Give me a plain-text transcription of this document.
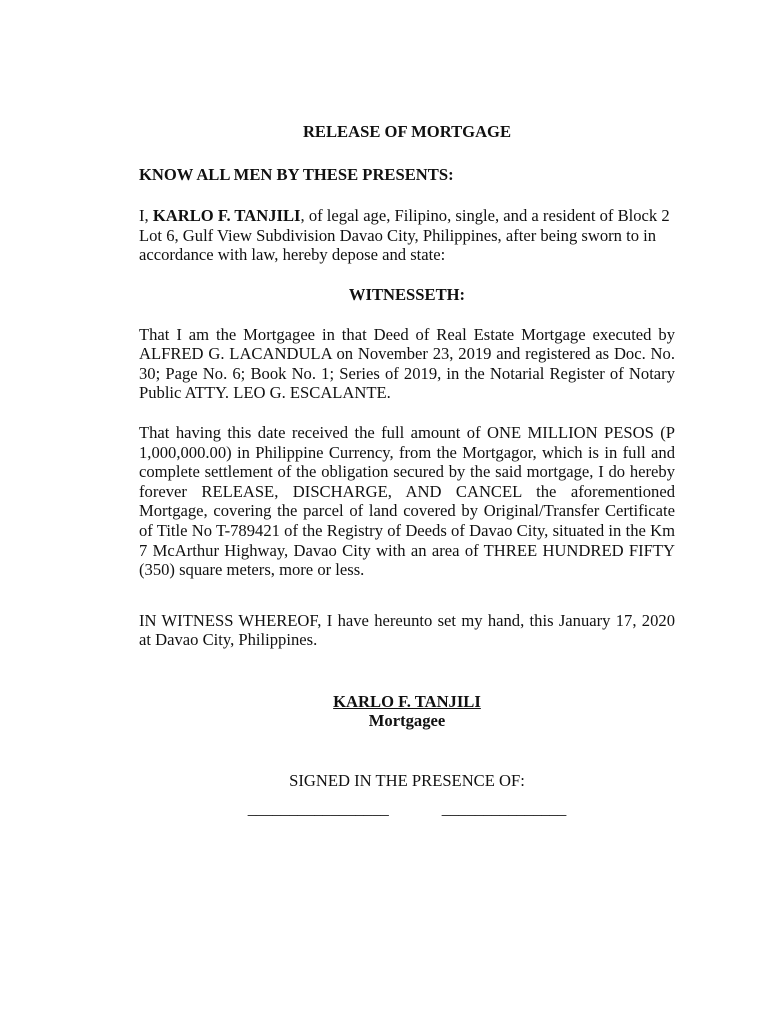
RELEASE OF MORTGAGE
KNOW ALL MEN BY THESE PRESENTS:
I, KARLO F. TANJILI, of legal age, Filipino, single, and a resident of Block 2 Lot 6, Gulf View Subdivision Davao City, Philippines, after being sworn to in accordance with law, hereby depose and state:
WITNESSETH:
That I am the Mortgagee in that Deed of Real Estate Mortgage executed by ALFRED G. LACANDULA on November 23, 2019 and registered as Doc. No. 30; Page No. 6; Book No. 1; Series of 2019, in the Notarial Register of Notary Public ATTY. LEO G. ESCALANTE.
That having this date received the full amount of ONE MILLION PESOS (P 1,000,000.00) in Philippine Currency, from the Mortgagor, which is in full and complete settlement of the obligation secured by the said mortgage, I do hereby forever RELEASE, DISCHARGE, AND CANCEL the aforementioned Mortgage, covering the parcel of land covered by Original/Transfer Certificate of Title No T-789421 of the Registry of Deeds of Davao City, situated in the Km 7 McArthur Highway, Davao City with an area of THREE HUNDRED FIFTY (350) square meters, more or less.
IN WITNESS WHEREOF, I have hereunto set my hand, this January 17, 2020 at Davao City, Philippines.
KARLO F. TANJILI
Mortgagee
SIGNED IN THE PRESENCE OF:
_________________	_______________
